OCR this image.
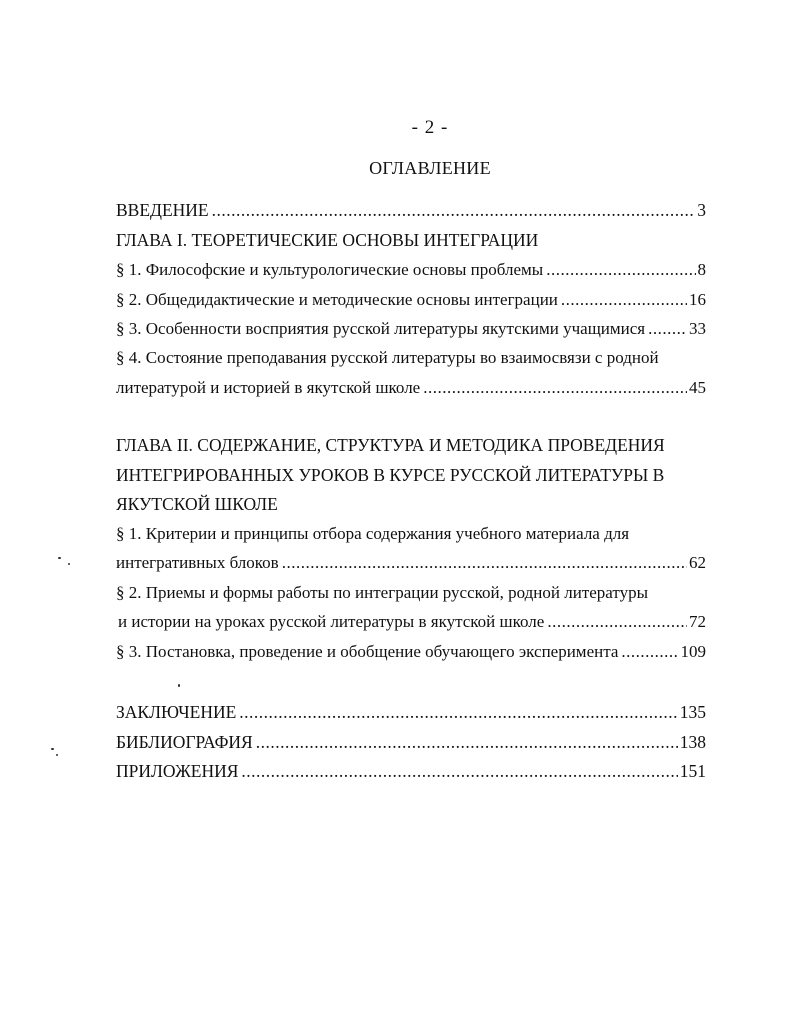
- 2 -
ОГЛАВЛЕНИЕ
ВВЕДЕНИЕ .....	3
ГЛАВА I. ТЕОРЕТИЧЕСКИЕ ОСНОВЫ ИНТЕГРАЦИИ
§ 1. Философские и культурологические основы проблемы .....	8
§ 2. Общедидактические и методические основы интеграции .....	16
§ 3. Особенности восприятия русской литературы якутскими учащимися .....	33
§ 4. Состояние преподавания русской литературы во взаимосвязи с родной
литературой и историей в якутской школе .....	45
ГЛАВА II. СОДЕРЖАНИЕ, СТРУКТУРА И МЕТОДИКА ПРОВЕДЕНИЯ
ИНТЕГРИРОВАННЫХ УРОКОВ В КУРСЕ РУССКОЙ ЛИТЕРАТУРЫ В
ЯКУТСКОЙ ШКОЛЕ
§ 1. Критерии и принципы отбора содержания учебного материала для
интегративных блоков .....	62
§ 2. Приемы и формы работы по интеграции русской, родной литературы
и истории на уроках русской литературы в якутской школе .....	72
§ 3. Постановка, проведение и обобщение обучающего эксперимента .....	109
ЗАКЛЮЧЕНИЕ .....	135
БИБЛИОГРАФИЯ .....	138
ПРИЛОЖЕНИЯ .....	151
